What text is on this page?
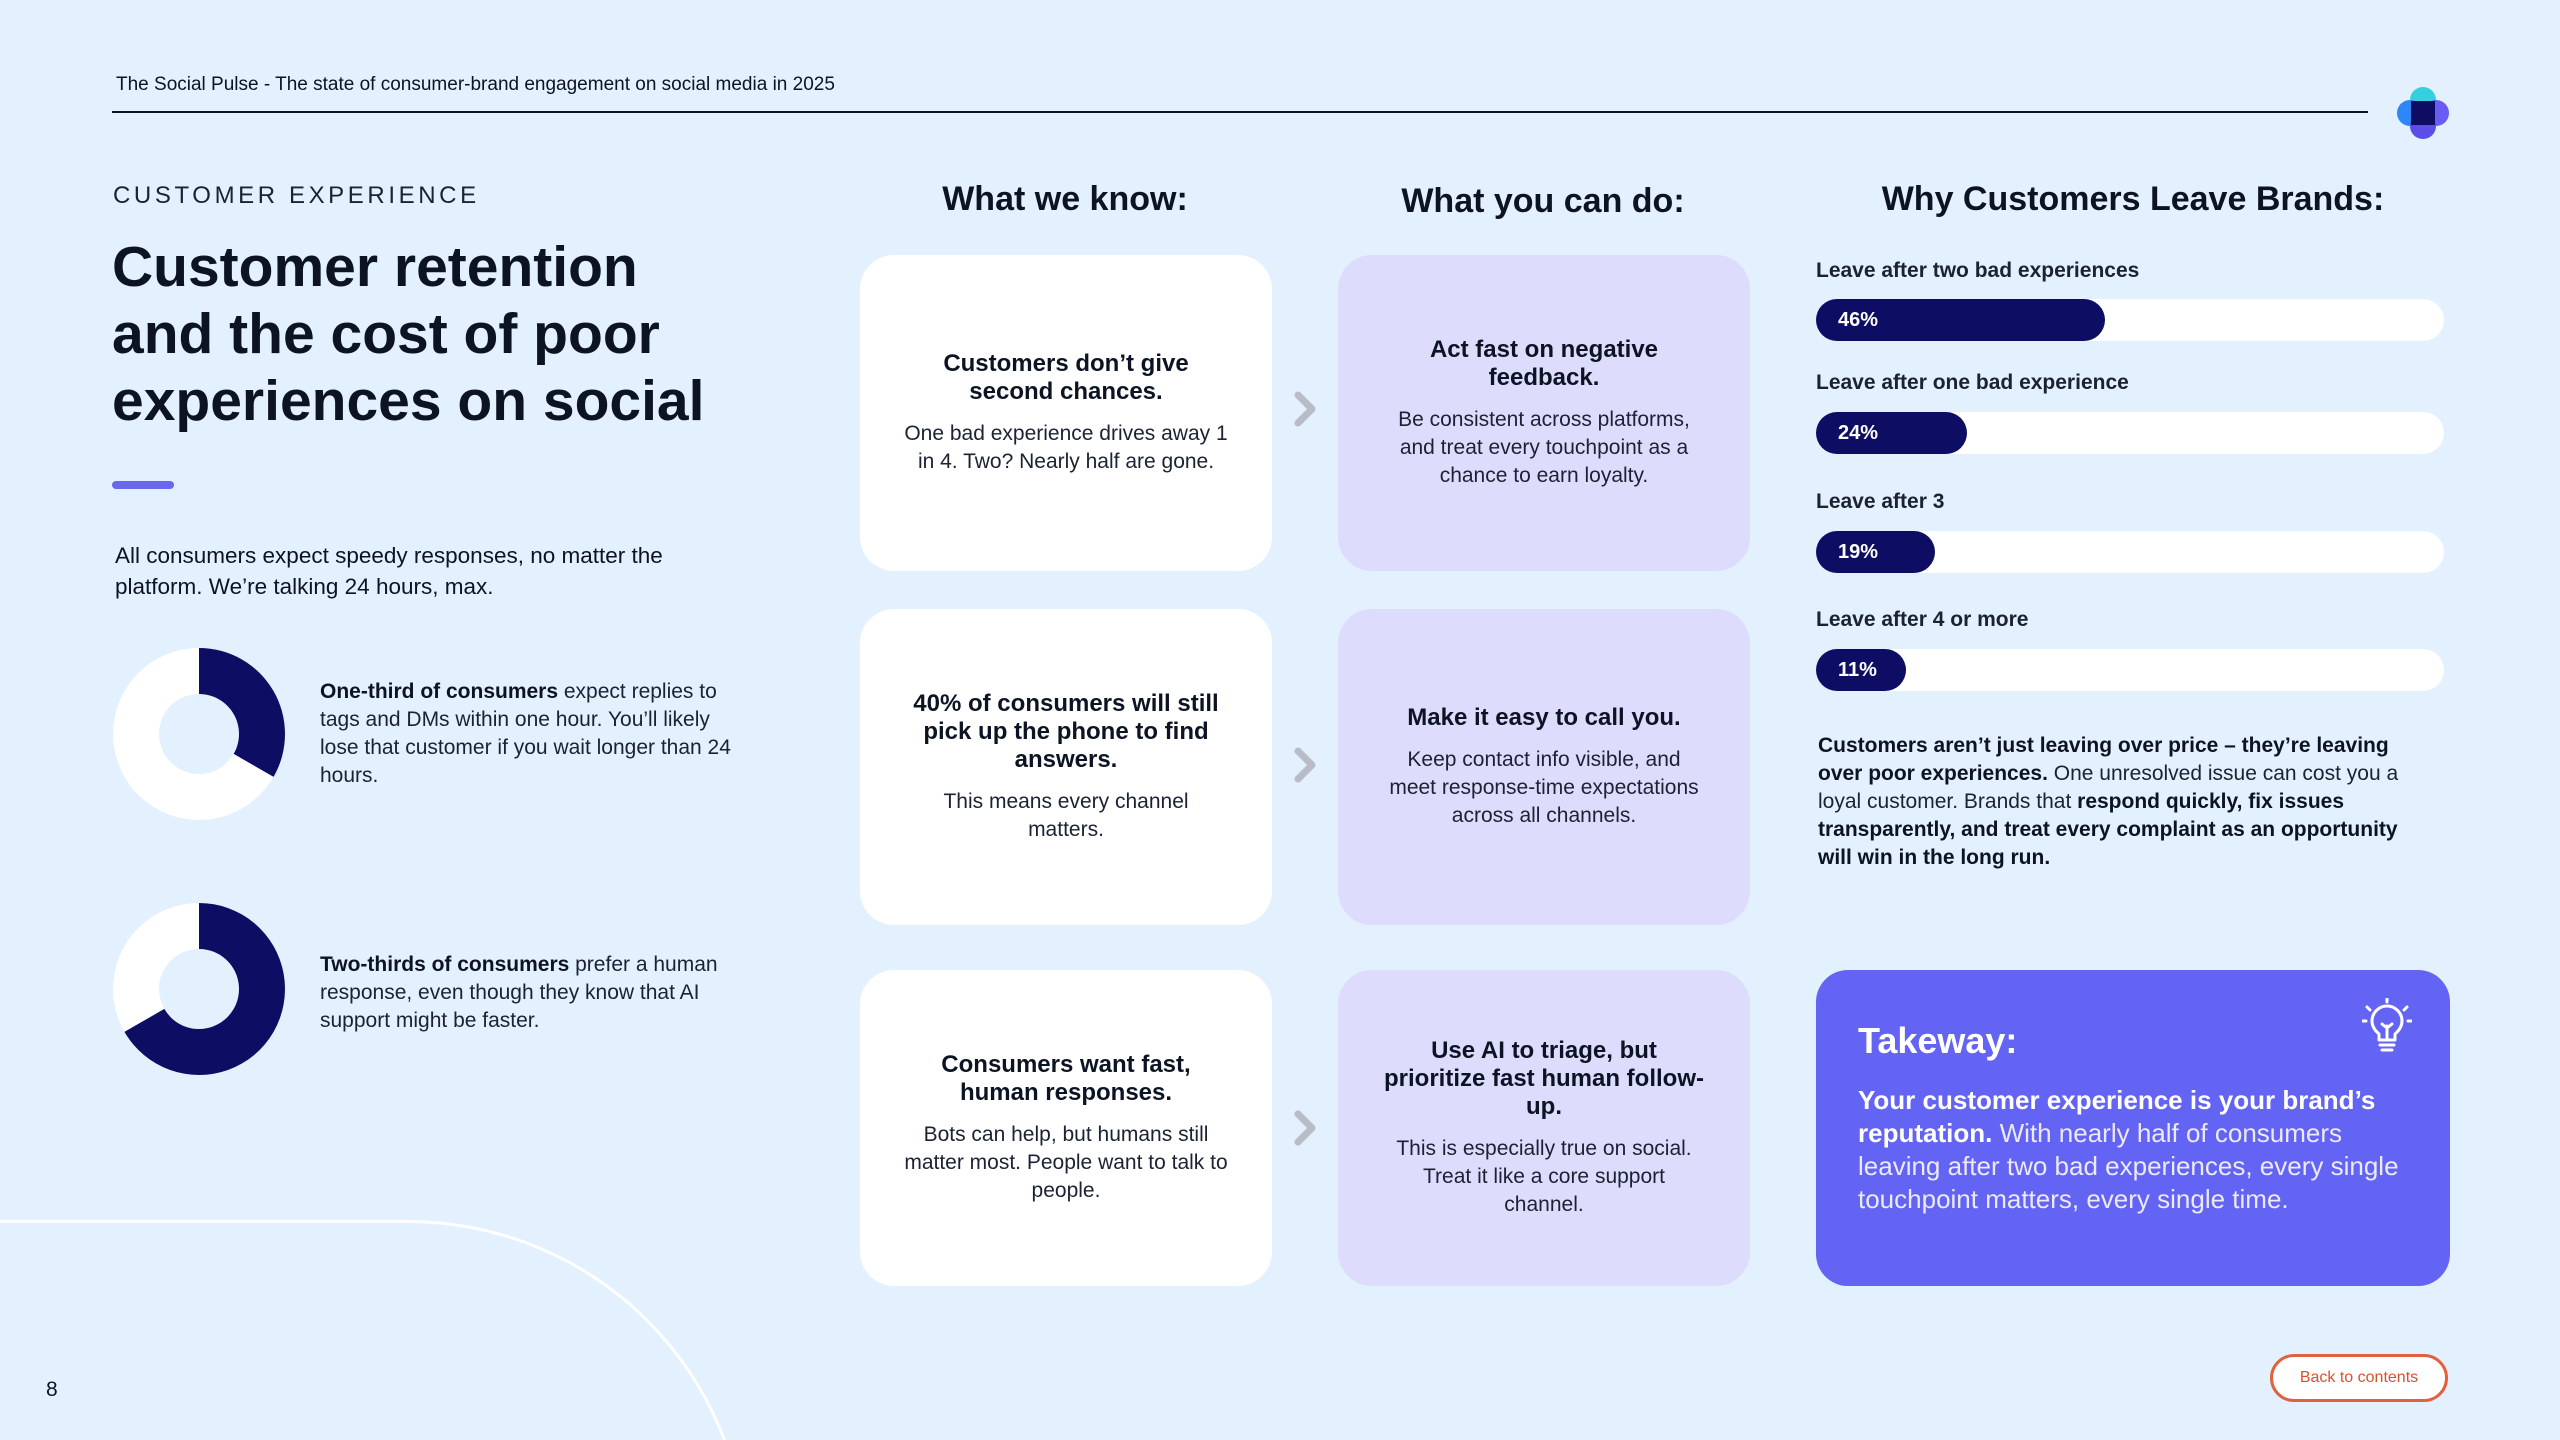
The Social Pulse - The state of consumer-brand engagement on social media in 2025
CUSTOMER EXPERIENCE
Customer retention and the cost of poor experiences on social
All consumers expect speedy responses, no matter the platform. We’re talking 24 hours, max.
One-third of consumers expect replies to tags and DMs within one hour. You’ll likely lose that customer if you wait longer than 24 hours.
Two-thirds of consumers prefer a human response, even though they know that AI support might be faster.
8
What we know:
Customers don’t give second chances.
One bad experience drives away 1 in 4. Two? Nearly half are gone.
40% of consumers will still pick up the phone to find answers.
This means every channel matters.
Consumers want fast, human responses.
Bots can help, but humans still matter most. People want to talk to people.
What you can do:
Act fast on negative feedback.
Be consistent across platforms, and treat every touchpoint as a chance to earn loyalty.
Make it easy to call you.
Keep contact info visible, and meet response-time expectations across all channels.
Use AI to triage, but prioritize fast human follow-up.
This is especially true on social. Treat it like a core support channel.
Why Customers Leave Brands:
Leave after two bad experiences
46%
Leave after one bad experience
24%
Leave after 3
19%
Leave after 4 or more
11%
Customers aren’t just leaving over price – they’re leaving over poor experiences. One unresolved issue can cost you a loyal customer. Brands that respond quickly, fix issues transparently, and treat every complaint as an opportunity will win in the long run.
Takeway:
Your customer experience is your brand’s reputation. With nearly half of consumers leaving after two bad experiences, every single touchpoint matters, every single time.
Back to contents
